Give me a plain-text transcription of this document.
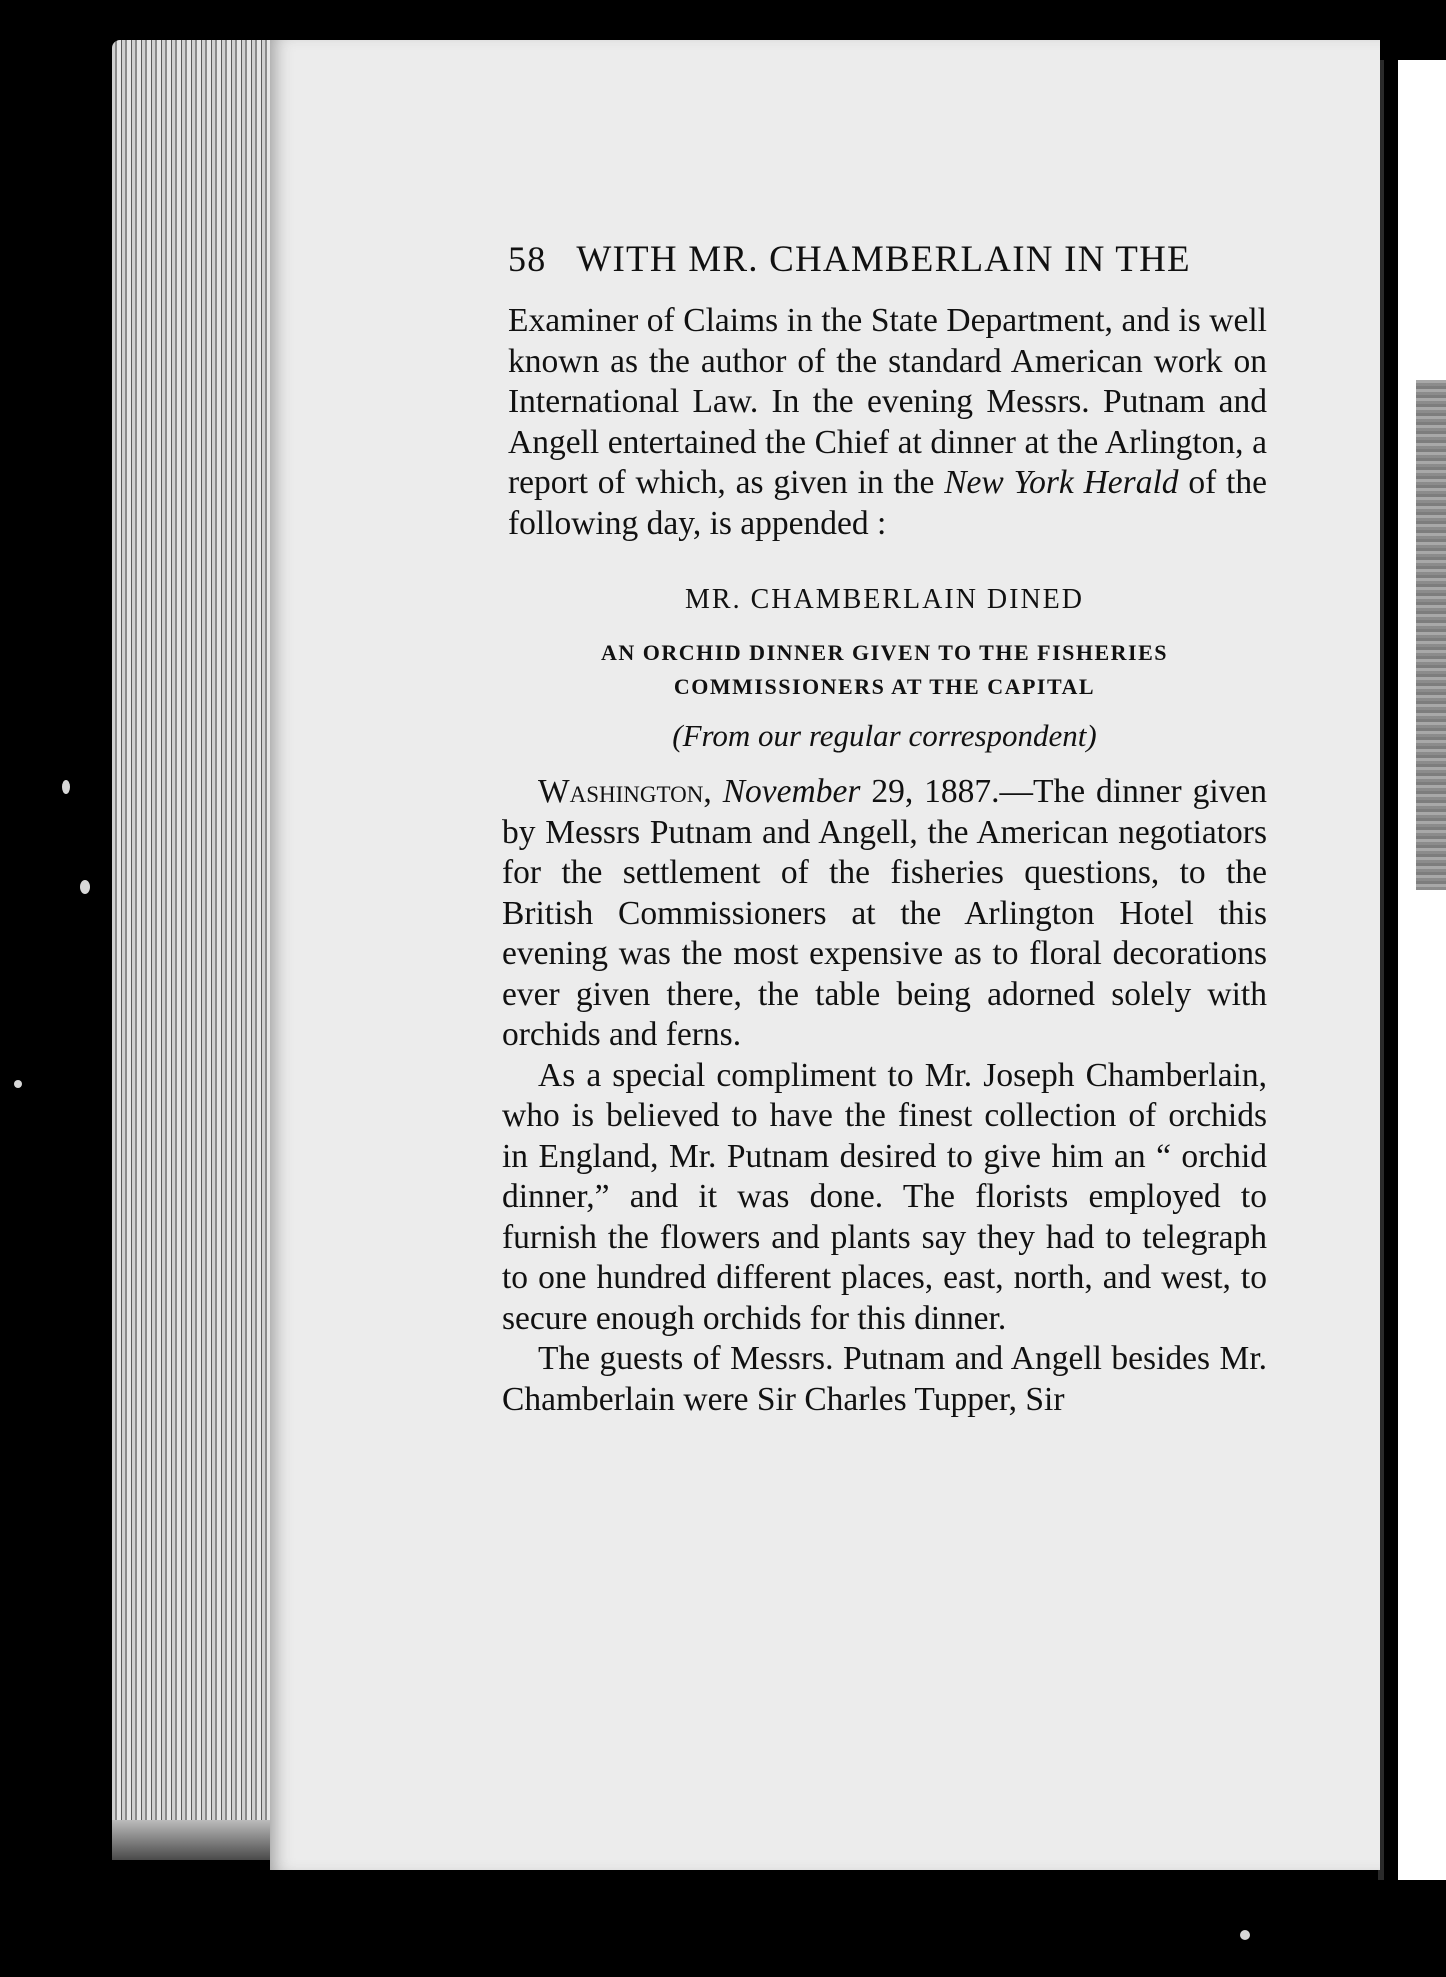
58 WITH MR. CHAMBERLAIN IN THE

Examiner of Claims in the State Department, and is well known as the author of the standard American work on International Law. In the evening Messrs. Putnam and Angell entertained the Chief at dinner at the Arlington, a report of which, as given in the New York Herald of the following day, is appended :

MR. CHAMBERLAIN DINED
AN ORCHID DINNER GIVEN TO THE FISHERIES COMMISSIONERS AT THE CAPITAL
(From our regular correspondent)

Washington, November 29, 1887.—The dinner given by Messrs Putnam and Angell, the American negotiators for the settlement of the fisheries questions, to the British Commissioners at the Arlington Hotel this evening was the most expensive as to floral decorations ever given there, the table being adorned solely with orchids and ferns.

As a special compliment to Mr. Joseph Chamberlain, who is believed to have the finest collection of orchids in England, Mr. Putnam desired to give him an “ orchid dinner,” and it was done. The florists employed to furnish the flowers and plants say they had to telegraph to one hundred different places, east, north, and west, to secure enough orchids for this dinner.

The guests of Messrs. Putnam and Angell besides Mr. Chamberlain were Sir Charles Tupper, Sir
